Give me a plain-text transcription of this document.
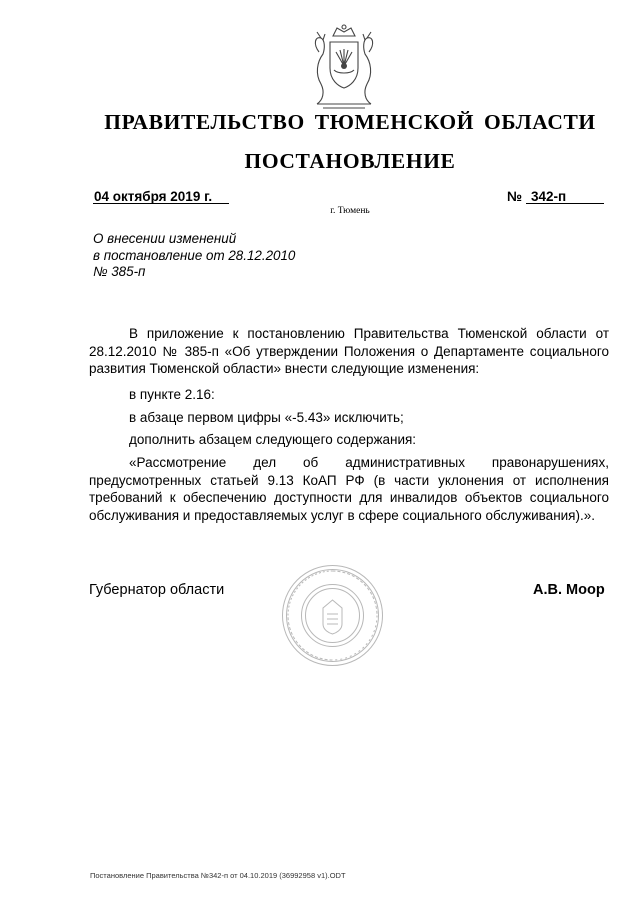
ПРАВИТЕЛЬСТВО ТЮМЕНСКОЙ ОБЛАСТИ
ПОСТАНОВЛЕНИЕ
04 октября 2019 г.	№ 342-п
г. Тюмень
О внесении изменений
в постановление от 28.12.2010
№ 385-п
В приложение к постановлению Правительства Тюменской области от 28.12.2010 № 385-п «Об утверждении Положения о Департаменте социального развития Тюменской области» внести следующие изменения:
в пункте 2.16:
в абзаце первом цифры «-5.43» исключить;
дополнить абзацем следующего содержания:
«Рассмотрение дел об административных правонарушениях, предусмотренных статьей 9.13 КоАП РФ (в части уклонения от исполнения требований к обеспечению доступности для инвалидов объектов социального обслуживания и предоставляемых услуг в сфере социального обслуживания).».
Губернатор области	А.В. Моор
Постановление Правительства №342-п от 04.10.2019 (36992958 v1).ODT
